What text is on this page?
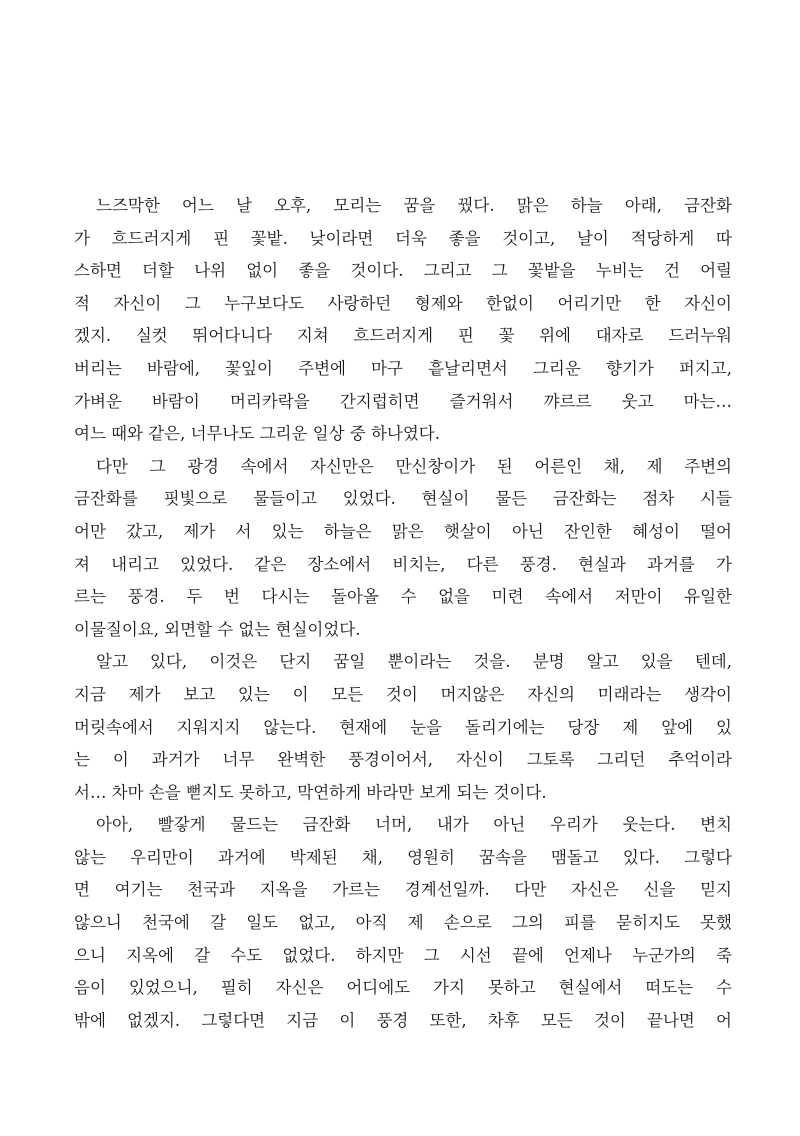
느즈막한 어느 날 오후, 모리는 꿈을 꿨다. 맑은 하늘 아래, 금잔화
가 흐드러지게 핀 꽃밭. 낮이라면 더욱 좋을 것이고, 날이 적당하게 따
스하면 더할 나위 없이 좋을 것이다. 그리고 그 꽃밭을 누비는 건 어릴
적 자신이 그 누구보다도 사랑하던 형제와 한없이 어리기만 한 자신이
겠지. 실컷 뛰어다니다 지쳐 흐드러지게 핀 꽃 위에 대자로 드러누워
버리는 바람에, 꽃잎이 주변에 마구 흩날리면서 그리운 향기가 퍼지고,
가벼운 바람이 머리카락을 간지럽히면 즐거워서 꺄르르 웃고 마는…
여느 때와 같은, 너무나도 그리운 일상 중 하나였다.
다만 그 광경 속에서 자신만은 만신창이가 된 어른인 채, 제 주변의
금잔화를 핏빛으로 물들이고 있었다. 현실이 물든 금잔화는 점차 시들
어만 갔고, 제가 서 있는 하늘은 맑은 햇살이 아닌 잔인한 혜성이 떨어
져 내리고 있었다. 같은 장소에서 비치는, 다른 풍경. 현실과 과거를 가
르는 풍경. 두 번 다시는 돌아올 수 없을 미련 속에서 저만이 유일한
이물질이요, 외면할 수 없는 현실이었다.
알고 있다, 이것은 단지 꿈일 뿐이라는 것을. 분명 알고 있을 텐데,
지금 제가 보고 있는 이 모든 것이 머지않은 자신의 미래라는 생각이
머릿속에서 지워지지 않는다. 현재에 눈을 돌리기에는 당장 제 앞에 있
는 이 과거가 너무 완벽한 풍경이어서, 자신이 그토록 그리던 추억이라
서… 차마 손을 뻗지도 못하고, 막연하게 바라만 보게 되는 것이다.
아아, 빨갛게 물드는 금잔화 너머, 내가 아닌 우리가 웃는다. 변치
않는 우리만이 과거에 박제된 채, 영원히 꿈속을 맴돌고 있다. 그렇다
면 여기는 천국과 지옥을 가르는 경계선일까. 다만 자신은 신을 믿지
않으니 천국에 갈 일도 없고, 아직 제 손으로 그의 피를 묻히지도 못했
으니 지옥에 갈 수도 없었다. 하지만 그 시선 끝에 언제나 누군가의 죽
음이 있었으니, 필히 자신은 어디에도 가지 못하고 현실에서 떠도는 수
밖에 없겠지. 그렇다면 지금 이 풍경 또한, 차후 모든 것이 끝나면 어
